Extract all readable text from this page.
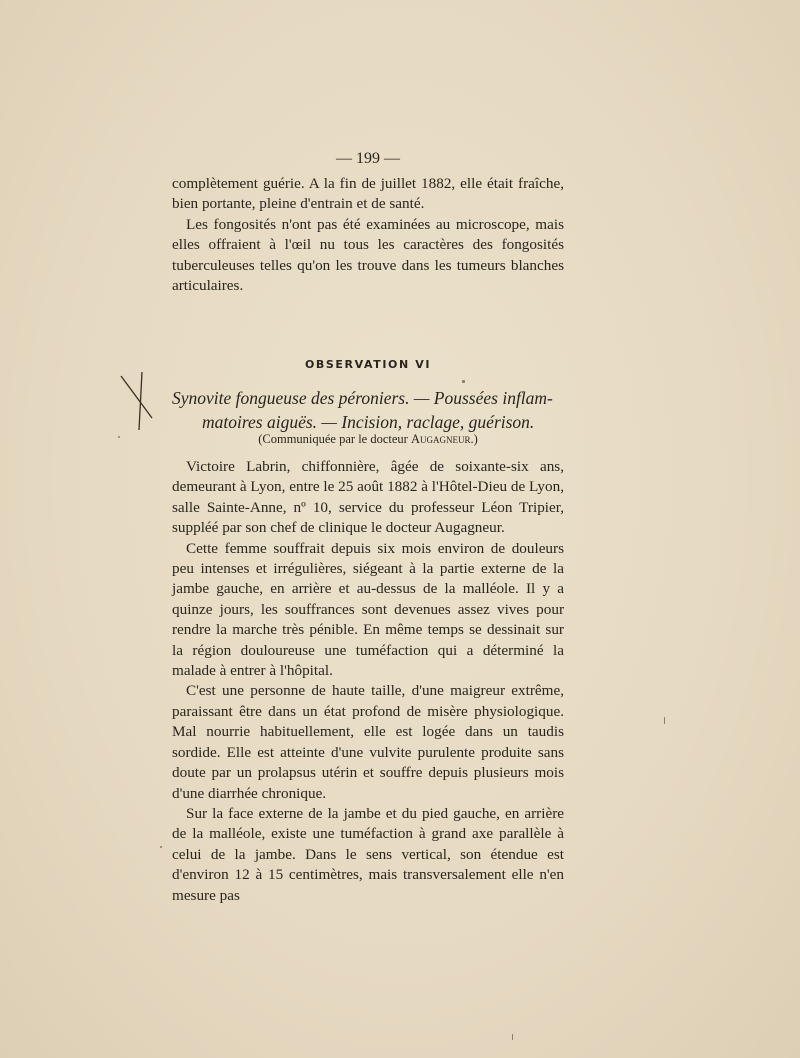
— 199 —

complètement guérie. A la fin de juillet 1882, elle était fraîche, bien portante, pleine d'entrain et de santé.

Les fongosités n'ont pas été examinées au microscope, mais elles offraient à l'œil nu tous les caractères des fongosités tuberculeuses telles qu'on les trouve dans les tumeurs blanches articulaires.

OBSERVATION VI
Synovite fongueuse des péroniers. — Poussées inflam-
matoires aiguës. — Incision, raclage, guérison.
(Communiquée par le docteur Augagneur.)

Victoire Labrin, chiffonnière, âgée de soixante-six ans, demeurant à Lyon, entre le 25 août 1882 à l'Hôtel-Dieu de Lyon, salle Sainte-Anne, nº 10, service du professeur Léon Tripier, suppléé par son chef de clinique le docteur Augagneur.

Cette femme souffrait depuis six mois environ de douleurs peu intenses et irrégulières, siégeant à la partie externe de la jambe gauche, en arrière et au-dessus de la malléole. Il y a quinze jours, les souffrances sont devenues assez vives pour rendre la marche très pénible. En même temps se dessinait sur la région douloureuse une tuméfaction qui a déterminé la malade à entrer à l'hôpital.

C'est une personne de haute taille, d'une maigreur extrême, paraissant être dans un état profond de misère physiologique. Mal nourrie habituellement, elle est logée dans un taudis sordide. Elle est atteinte d'une vulvite purulente produite sans doute par un prolapsus utérin et souffre depuis plusieurs mois d'une diarrhée chronique.

Sur la face externe de la jambe et du pied gauche, en arrière de la malléole, existe une tuméfaction à grand axe parallèle à celui de la jambe. Dans le sens vertical, son étendue est d'environ 12 à 15 centimètres, mais transversalement elle n'en mesure pas
